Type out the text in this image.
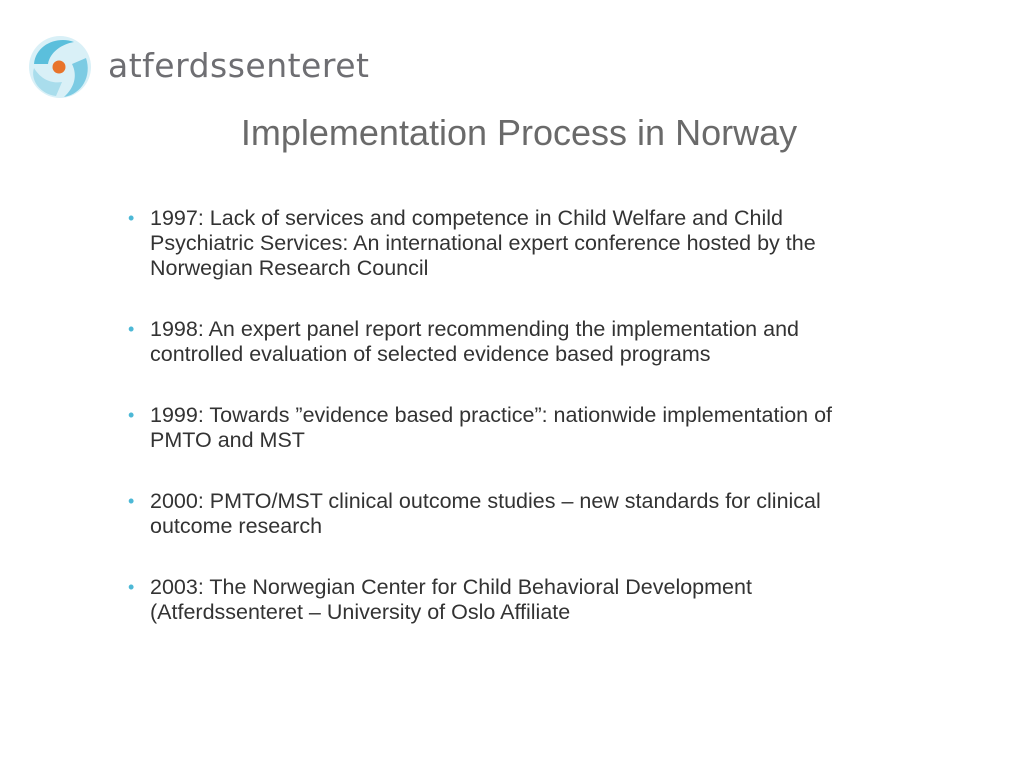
atferdssenteret
Implementation Process in Norway
• 1997: Lack of services and competence in Child Welfare and Child Psychiatric Services: An international expert conference hosted by the Norwegian Research Council
• 1998: An expert panel report recommending the implementation and controlled evaluation of selected evidence based programs
• 1999: Towards ”evidence based practice”: nationwide implementation of PMTO and MST
• 2000: PMTO/MST clinical outcome studies – new standards for clinical outcome research
• 2003: The Norwegian Center for Child Behavioral Development (Atferdssenteret – University of Oslo Affiliate
